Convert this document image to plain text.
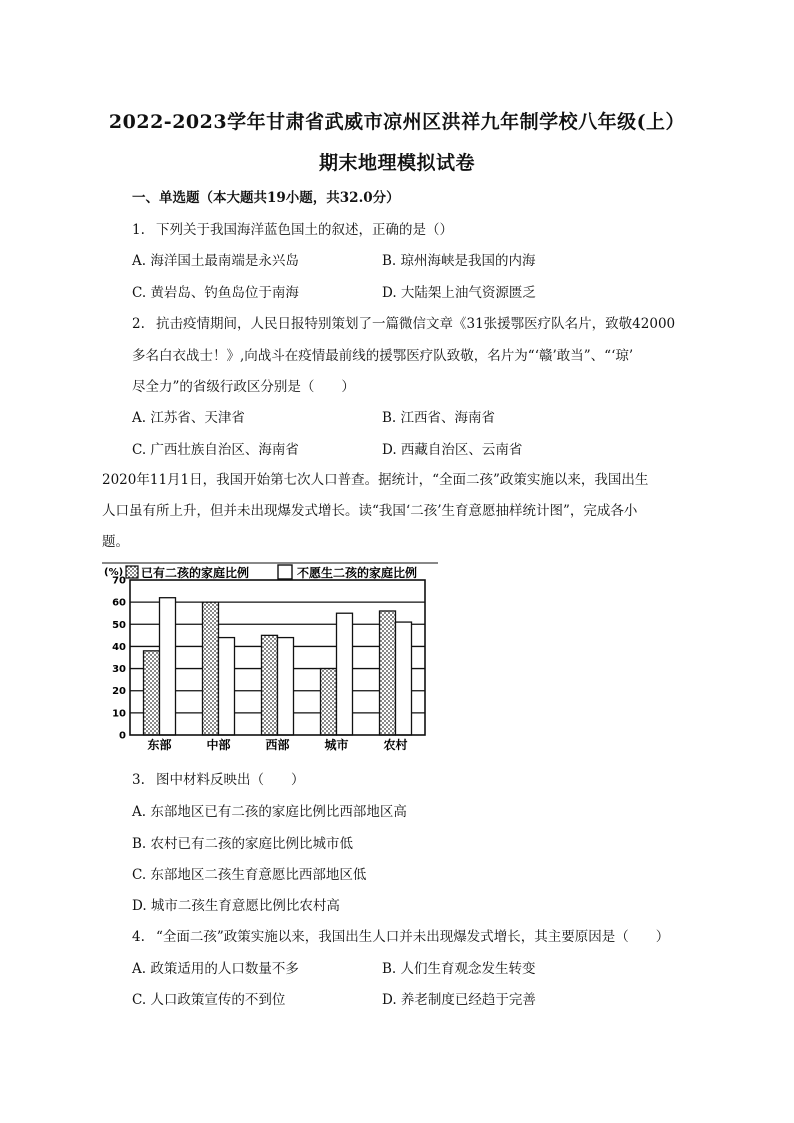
2022-2023学年甘肃省武威市凉州区洪祥九年制学校八年级(上）
期末地理模拟试卷
一、单选题（本大题共19小题，共32.0分）
1. 下列关于我国海洋蓝色国土的叙述，正确的是（）
A. 海洋国土最南端是永兴岛	B. 琼州海峡是我国的内海
C. 黄岩岛、钓鱼岛位于南海	D. 大陆架上油气资源匮乏
2. 抗击疫情期间，人民日报特别策划了一篇微信文章《31张援鄂医疗队名片，致敬42000
多名白衣战士！》,向战斗在疫情最前线的援鄂医疗队致敬，名片为“‘赣’敢当”、“‘琼’
尽全力”的省级行政区分别是（　　）
A. 江苏省、天津省	B. 江西省、海南省
C. 广西壮族自治区、海南省	D. 西藏自治区、云南省
2020年11月1日，我国开始第七次人口普查。据统计，“全面二孩”政策实施以来，我国出生
人口虽有所上升，但并未出现爆发式增长。读“我国‘二孩’生育意愿抽样统计图”，完成各小
题。
0
10
20
30
40
50
60
70
东部	中部	西部	城市	农村
(%) 已有二孩的家庭比例	不愿生二孩的家庭比例
3. 图中材料反映出（　　）
A. 东部地区已有二孩的家庭比例比西部地区高
B. 农村已有二孩的家庭比例比城市低
C. 东部地区二孩生育意愿比西部地区低
D. 城市二孩生育意愿比例比农村高
4. “全面二孩”政策实施以来，我国出生人口并未出现爆发式增长，其主要原因是（　　）
A. 政策适用的人口数量不多	B. 人们生育观念发生转变
C. 人口政策宣传的不到位	D. 养老制度已经趋于完善
